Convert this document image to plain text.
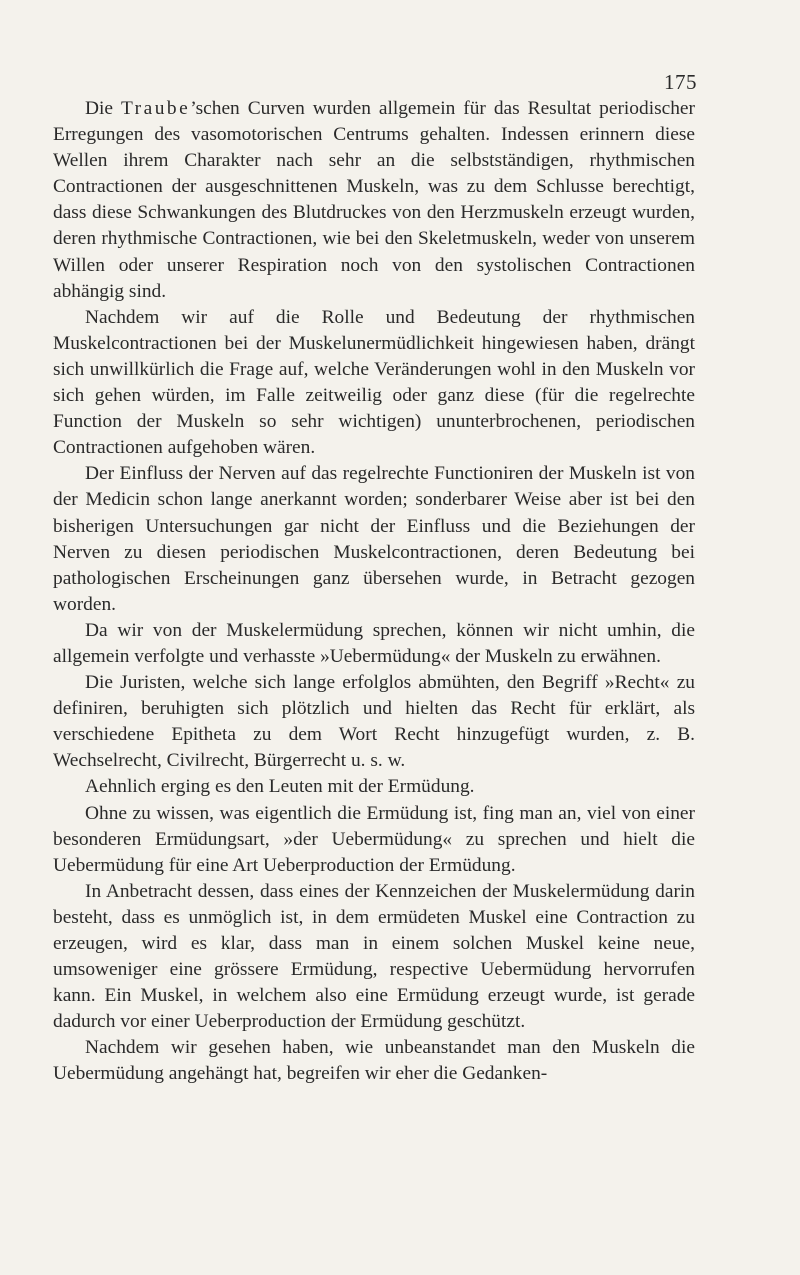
175

Die Traube’schen Curven wurden allgemein für das Resultat periodischer Erregungen des vasomotorischen Centrums gehalten. Indessen erinnern diese Wellen ihrem Charakter nach sehr an die selbstständigen, rhythmischen Contractionen der ausgeschnittenen Muskeln, was zu dem Schlusse berechtigt, dass diese Schwankungen des Blutdruckes von den Herzmuskeln erzeugt wurden, deren rhythmische Contractionen, wie bei den Skeletmuskeln, weder von unserem Willen oder unserer Respiration noch von den systolischen Contractionen abhängig sind.

Nachdem wir auf die Rolle und Bedeutung der rhythmischen Muskelcontractionen bei der Muskelunermüdlichkeit hingewiesen haben, drängt sich unwillkürlich die Frage auf, welche Veränderungen wohl in den Muskeln vor sich gehen würden, im Falle zeitweilig oder ganz diese (für die regelrechte Function der Muskeln so sehr wichtigen) ununterbrochenen, periodischen Contractionen aufgehoben wären.

Der Einfluss der Nerven auf das regelrechte Functioniren der Muskeln ist von der Medicin schon lange anerkannt worden; sonderbarer Weise aber ist bei den bisherigen Untersuchungen gar nicht der Einfluss und die Beziehungen der Nerven zu diesen periodischen Muskelcontractionen, deren Bedeutung bei pathologischen Erscheinungen ganz übersehen wurde, in Betracht gezogen worden.

Da wir von der Muskelermüdung sprechen, können wir nicht umhin, die allgemein verfolgte und verhasste »Uebermüdung« der Muskeln zu erwähnen.

Die Juristen, welche sich lange erfolglos abmühten, den Begriff »Recht« zu definiren, beruhigten sich plötzlich und hielten das Recht für erklärt, als verschiedene Epitheta zu dem Wort Recht hinzugefügt wurden, z. B. Wechselrecht, Civilrecht, Bürgerrecht u. s. w.

Aehnlich erging es den Leuten mit der Ermüdung.

Ohne zu wissen, was eigentlich die Ermüdung ist, fing man an, viel von einer besonderen Ermüdungsart, »der Uebermüdung« zu sprechen und hielt die Uebermüdung für eine Art Ueberproduction der Ermüdung.

In Anbetracht dessen, dass eines der Kennzeichen der Muskelermüdung darin besteht, dass es unmöglich ist, in dem ermüdeten Muskel eine Contraction zu erzeugen, wird es klar, dass man in einem solchen Muskel keine neue, umsoweniger eine grössere Ermüdung, respective Uebermüdung hervorrufen kann. Ein Muskel, in welchem also eine Ermüdung erzeugt wurde, ist gerade dadurch vor einer Ueberproduction der Ermüdung geschützt.

Nachdem wir gesehen haben, wie unbeanstandet man den Muskeln die Uebermüdung angehängt hat, begreifen wir eher die Gedanken-
